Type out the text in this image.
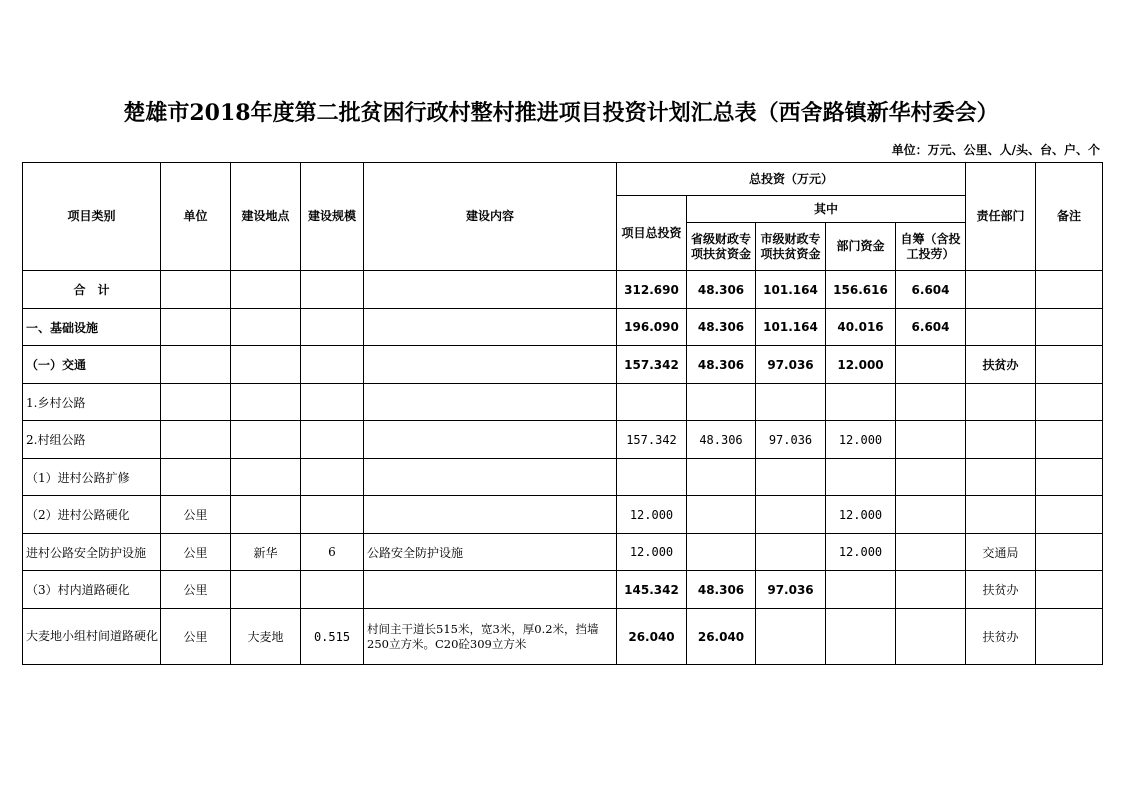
楚雄市2018年度第二批贫困行政村整村推进项目投资计划汇总表（西舍路镇新华村委会）
单位：万元、公里、人/头、台、户、个
项目类别	单位	建设地点	建设规模	建设内容	总投资（万元）					责任部门	备注
					项目总投资	其中					
						省级财政专项扶贫资金	市级财政专项扶贫资金	部门资金	自筹（含投工投劳）		
合　计					312.690	48.306	101.164	156.616	6.604		
一、基础设施					196.090	48.306	101.164	40.016	6.604		
（一）交通					157.342	48.306	97.036	12.000		扶贫办	
1.乡村公路											
2.村组公路					157.342	48.306	97.036	12.000			
（1）进村公路扩修											
（2）进村公路硬化	公里				12.000			12.000			
进村公路安全防护设施	公里	新华	6	公路安全防护设施	12.000			12.000		交通局	
（3）村内道路硬化	公里				145.342	48.306	97.036			扶贫办	
大麦地小组村间道路硬化	公里	大麦地	0.515	村间主干道长515米，宽3米，厚0.2米，挡墙250立方米。C20砼309立方米	26.040	26.040				扶贫办	
